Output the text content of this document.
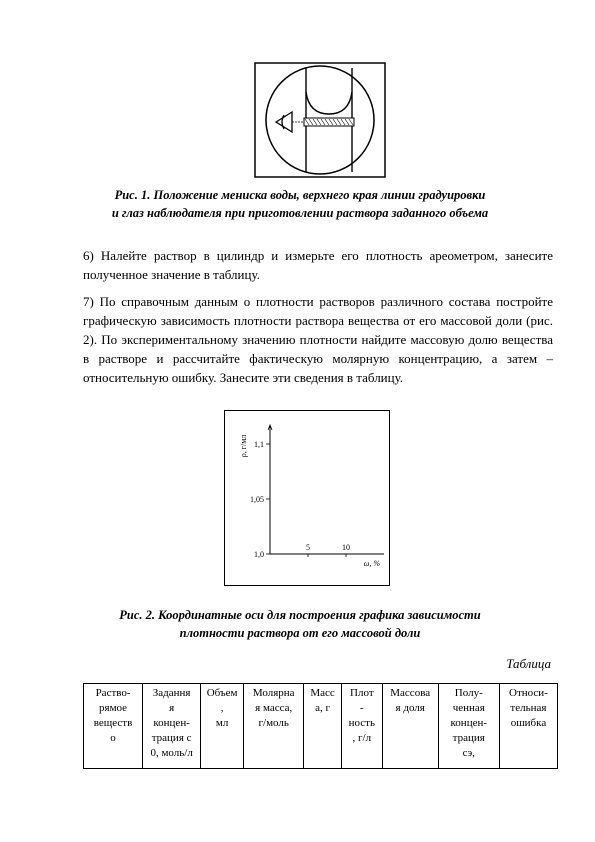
Рис. 1. Положение мениска воды, верхнего края линии градуировки
и глаз наблюдателя при приготовлении раствора заданного объема

6) Налейте раствор в цилиндр и измерьте его плотность ареометром, занесите полученное значение в таблицу.

7) По справочным данным о плотности растворов различного состава постройте графическую зависимость плотности раствора вещества от его массовой доли (рис. 2). По экспериментальному значению плотности найдите массовую долю вещества в растворе и рассчитайте фактическую молярную концентрацию, а затем – относительную ошибку. Занесите эти сведения в таблицу.

1,0
1,05
1,1
5	10
ω, %
ρ, г/мл
Рис. 2. Координатные оси для построения графика зависимости
плотности раствора от его массовой доли
Таблица
Раство-
рямое
веществ
о	Задання
я
концен-
трация с
0, моль/л	Объем
,
мл	Молярна
я масса,
г/моль	Масс
а, г	Плот
-
ность
, г/л	Массова
я доля	Полу-
ченная
концен-
трация
cэ,	Относи-
тельная
ошибка
